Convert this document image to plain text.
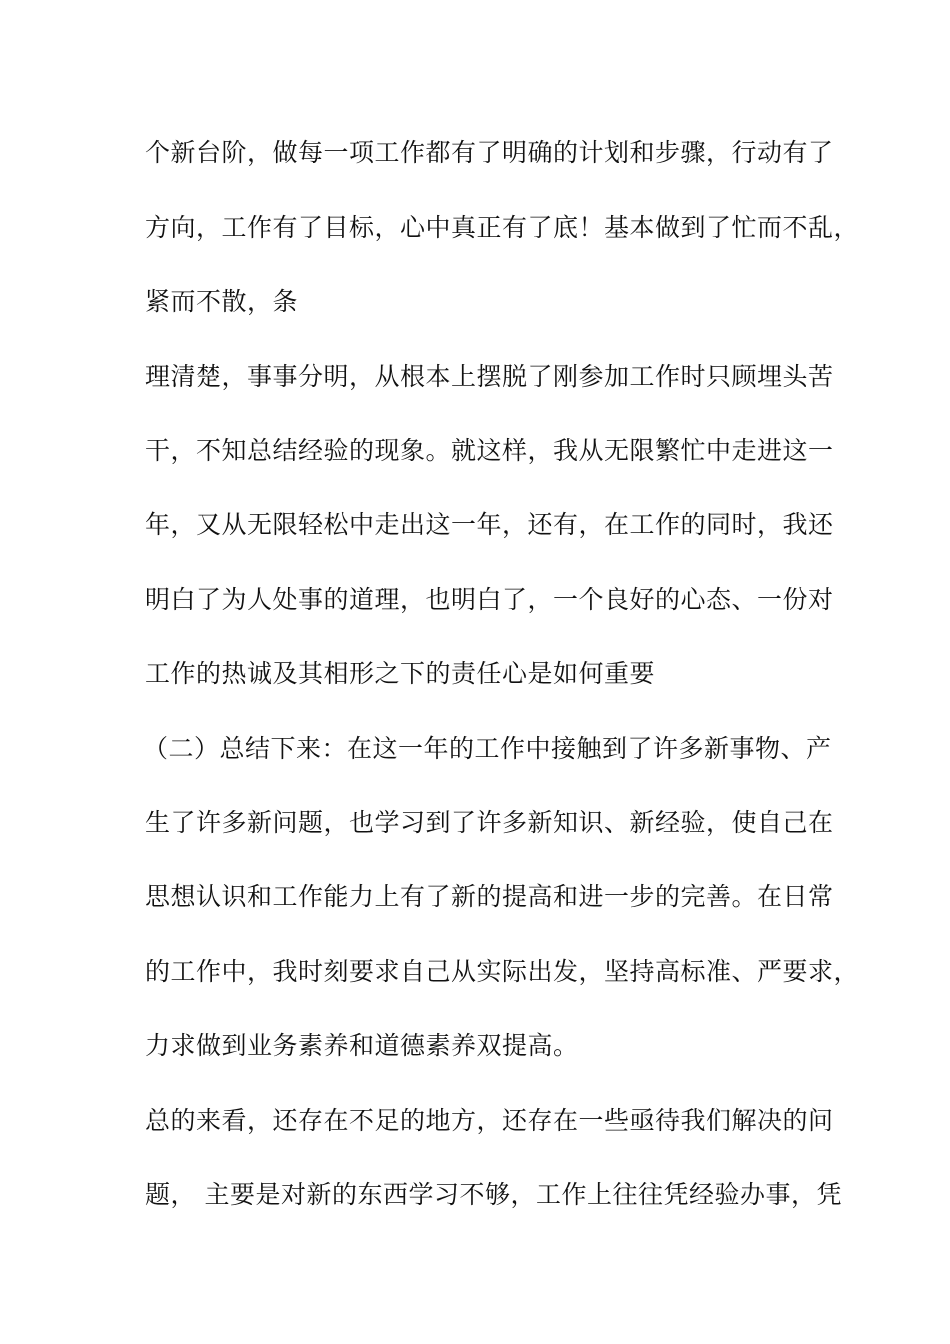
个新台阶，做每一项工作都有了明确的计划和步骤，行动有了

方向，工作有了目标，心中真正有了底！基本做到了忙而不乱，

紧而不散，条

理清楚，事事分明，从根本上摆脱了刚参加工作时只顾埋头苦

干，不知总结经验的现象。就这样，我从无限繁忙中走进这一

年，又从无限轻松中走出这一年，还有，在工作的同时，我还

明白了为人处事的道理，也明白了，一个良好的心态、一份对

工作的热诚及其相形之下的责任心是如何重要

（二）总结下来：在这一年的工作中接触到了许多新事物、产

生了许多新问题，也学习到了许多新知识、新经验，使自己在

思想认识和工作能力上有了新的提高和进一步的完善。在日常

的工作中，我时刻要求自己从实际出发，坚持高标准、严要求，

力求做到业务素养和道德素养双提高。

总的来看，还存在不足的地方，还存在一些亟待我们解决的问

题， 主要是对新的东西学习不够，工作上往往凭经验办事，凭
